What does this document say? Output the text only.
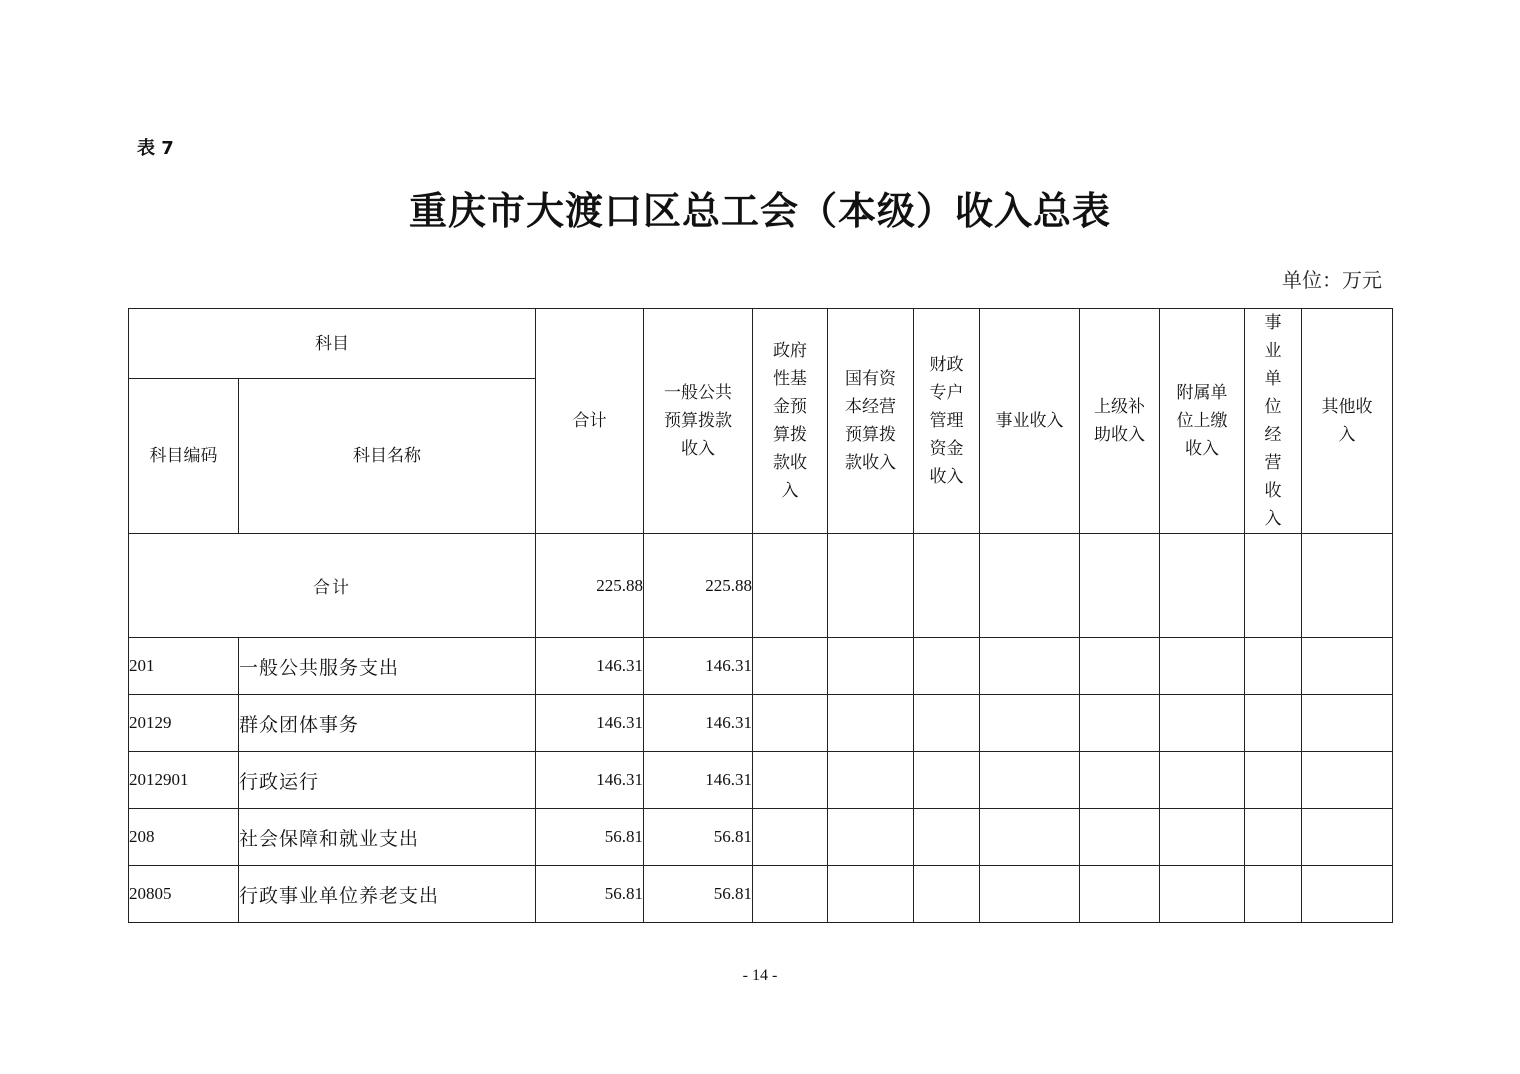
表 7
重庆市大渡口区总工会（本级）收入总表
单位：万元
科目		合计	一般公共预算拨款收入	政府性基金预算拨款收入	国有资本经营预算拨款收入	财政专户管理资金收入	事业收入	上级补助收入	附属单位上缴收入	事业单位经营收入	其他收入
科目编码	科目名称										
合计		225.88	225.88								
201	一般公共服务支出	146.31	146.31								
20129	群众团体事务	146.31	146.31								
2012901	行政运行	146.31	146.31								
208	社会保障和就业支出	56.81	56.81								
20805	行政事业单位养老支出	56.81	56.81								
- 14 -
